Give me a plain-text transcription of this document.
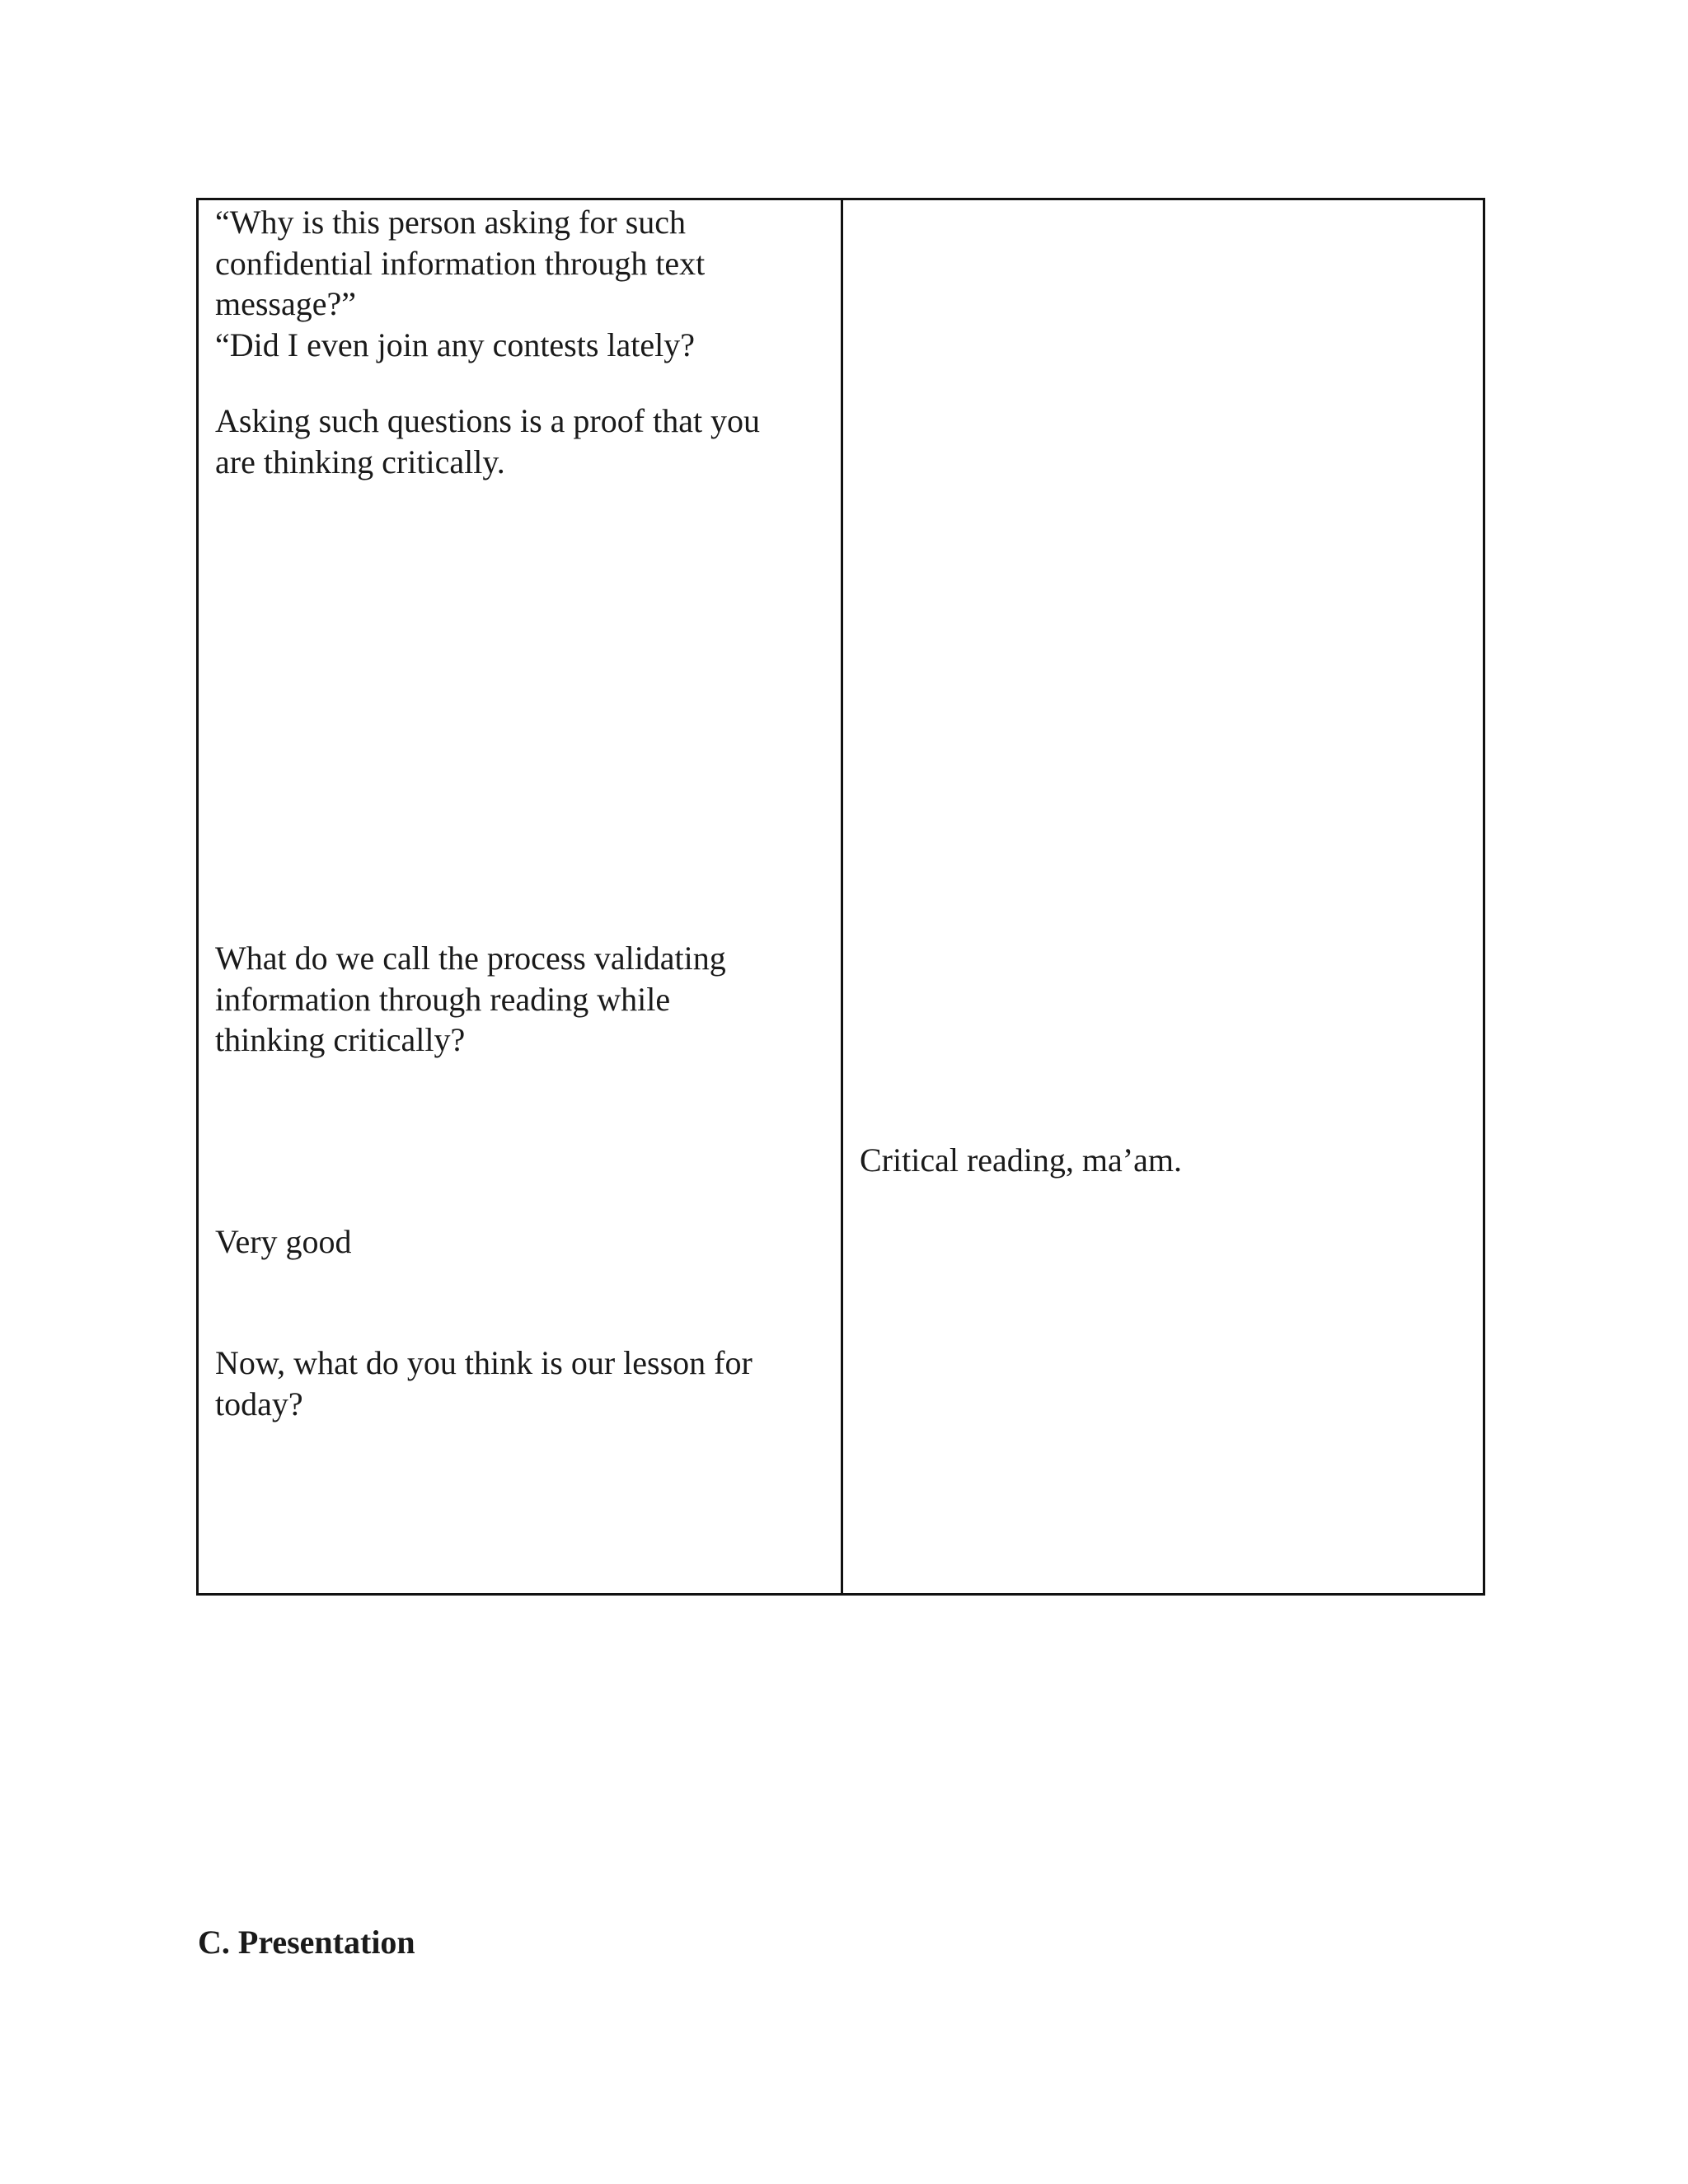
“Why is this person asking for such
confidential information through text
message?”
“Did I even join any contests lately?

Asking such questions is a proof that you
are thinking critically.

What do we call the process validating
information through reading while
thinking critically?

Very good

Now, what do you think is our lesson for
today?

Critical reading, ma’am.

C. Presentation
